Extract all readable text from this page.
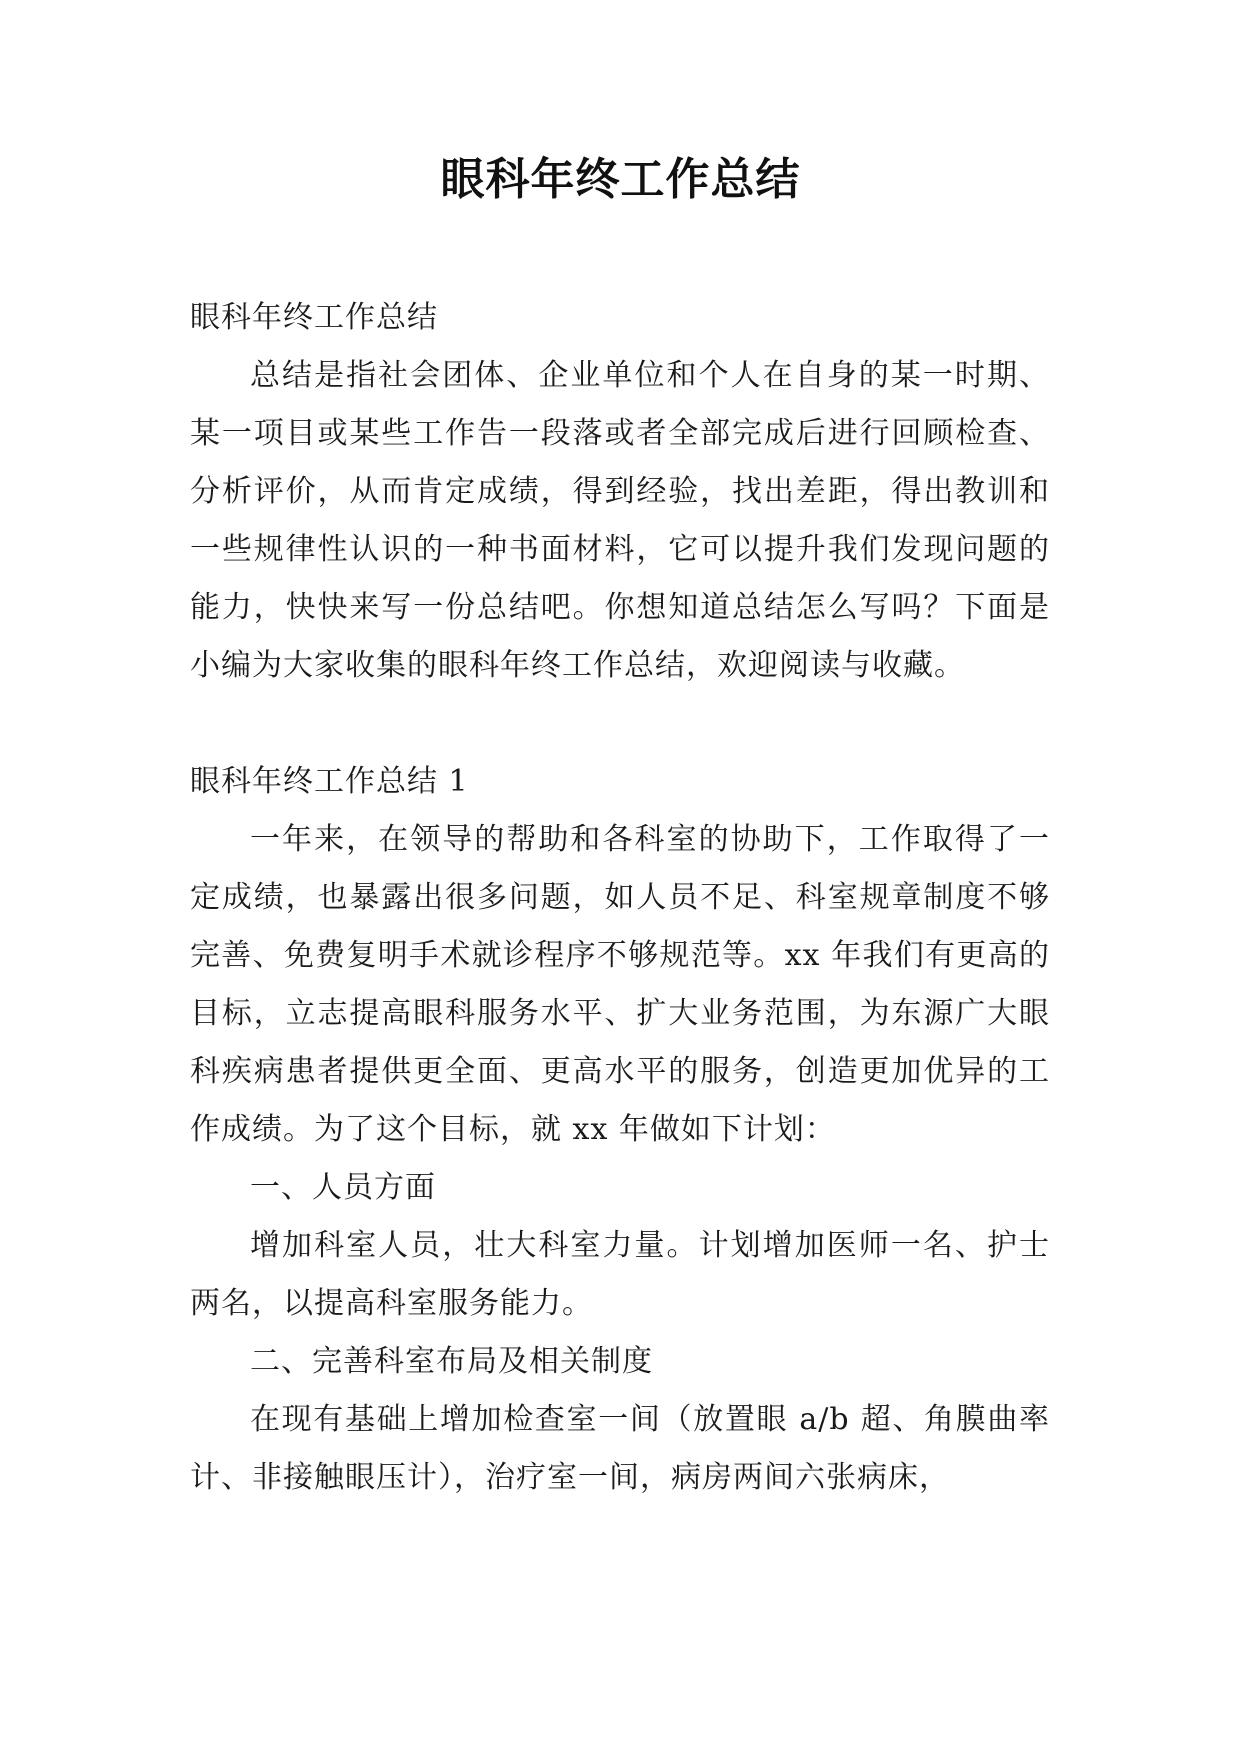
眼科年终工作总结

眼科年终工作总结

总结是指社会团体、企业单位和个人在自身的某一时期、某一项目或某些工作告一段落或者全部完成后进行回顾检查、分析评价，从而肯定成绩，得到经验，找出差距，得出教训和一些规律性认识的一种书面材料，它可以提升我们发现问题的能力，快快来写一份总结吧。你想知道总结怎么写吗？下面是小编为大家收集的眼科年终工作总结，欢迎阅读与收藏。

眼科年终工作总结 1

一年来，在领导的帮助和各科室的协助下，工作取得了一定成绩，也暴露出很多问题，如人员不足、科室规章制度不够完善、免费复明手术就诊程序不够规范等。xx 年我们有更高的目标，立志提高眼科服务水平、扩大业务范围，为东源广大眼科疾病患者提供更全面、更高水平的服务，创造更加优异的工作成绩。为了这个目标，就 xx 年做如下计划：

一、人员方面

增加科室人员，壮大科室力量。计划增加医师一名、护士两名，以提高科室服务能力。

二、完善科室布局及相关制度

在现有基础上增加检查室一间（放置眼 a/b 超、角膜曲率计、非接触眼压计），治疗室一间，病房两间六张病床，
